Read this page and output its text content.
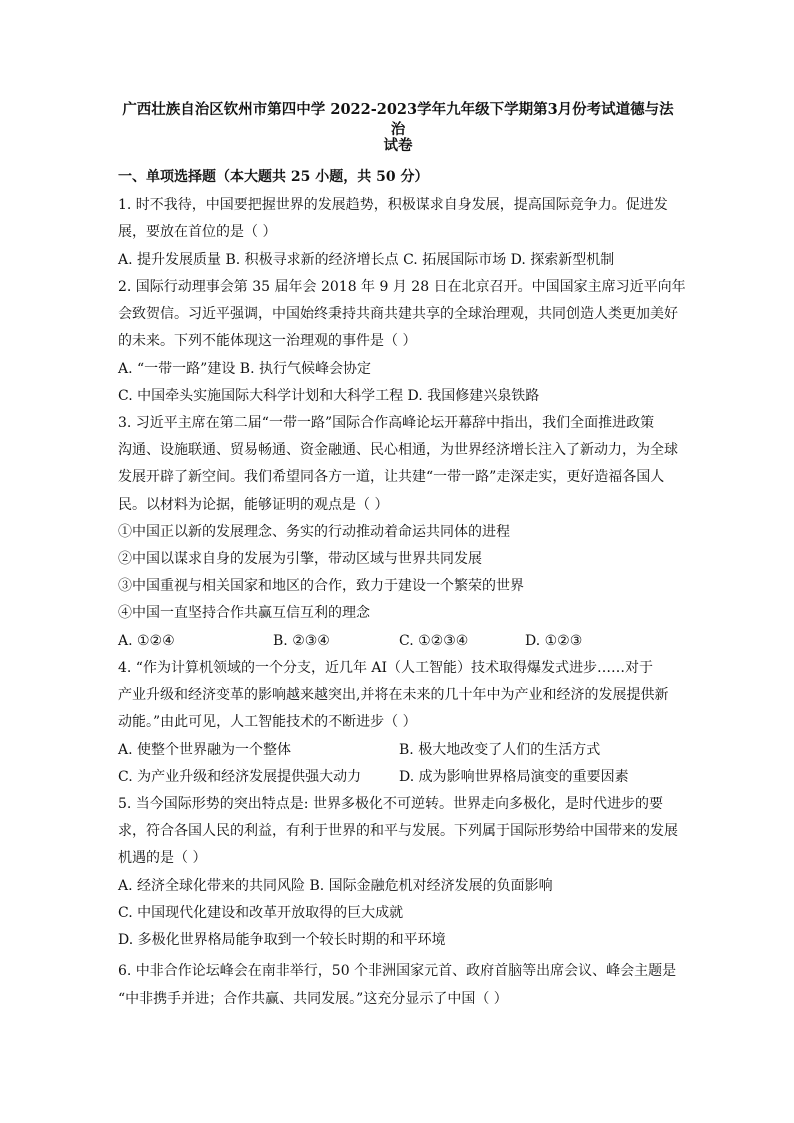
广西壮族自治区钦州市第四中学 2022-2023学年九年级下学期第3月份考试道德与法治
试卷
一、单项选择题（本大题共 25 小题，共 50 分）
1. 时不我待，中国要把握世界的发展趋势，积极谋求自身发展，提高国际竞争力。促进发
展，要放在首位的是（ ）
A. 提升发展质量 B. 积极寻求新的经济增长点 C. 拓展国际市场 D. 探索新型机制
2. 国际行动理事会第 35 届年会 2018 年 9 月 28 日在北京召开。中国国家主席习近平向年
会致贺信。习近平强调，中国始终秉持共商共建共享的全球治理观，共同创造人类更加美好
的未来。下列不能体现这一治理观的事件是（ ）
A. “一带一路”建设 B. 执行气候峰会协定
C. 中国牵头实施国际大科学计划和大科学工程 D. 我国修建兴泉铁路
3. 习近平主席在第二届“一带一路”国际合作高峰论坛开幕辞中指出，我们全面推进政策
沟通、设施联通、贸易畅通、资金融通、民心相通，为世界经济增长注入了新动力，为全球
发展开辟了新空间。我们希望同各方一道，让共建“一带一路”走深走实，更好造福各国人
民。以材料为论据，能够证明的观点是（ ）
①中国正以新的发展理念、务实的行动推动着命运共同体的进程
②中国以谋求自身的发展为引擎，带动区域与世界共同发展
③中国重视与相关国家和地区的合作，致力于建设一个繁荣的世界
④中国一直坚持合作共赢互信互利的理念
A. ①②④	B. ②③④	C. ①②③④	D. ①②③
4. “作为计算机领域的一个分支，近几年 AI（人工智能）技术取得爆发式进步……对于
产业升级和经济变革的影响越来越突出,并将在未来的几十年中为产业和经济的发展提供新
动能。”由此可见，人工智能技术的不断进步（ ）
A. 使整个世界融为一个整体	B. 极大地改变了人们的生活方式
C. 为产业升级和经济发展提供强大动力	D. 成为影响世界格局演变的重要因素
5. 当今国际形势的突出特点是: 世界多极化不可逆转。世界走向多极化，是时代进步的要
求，符合各国人民的利益，有利于世界的和平与发展。下列属于国际形势给中国带来的发展
机遇的是（ ）
A. 经济全球化带来的共同风险 B. 国际金融危机对经济发展的负面影响
C. 中国现代化建设和改革开放取得的巨大成就
D. 多极化世界格局能争取到一个较长时期的和平环境
6. 中非合作论坛峰会在南非举行，50 个非洲国家元首、政府首脑等出席会议、峰会主题是
“中非携手并进；合作共赢、共同发展。”这充分显示了中国（ ）
